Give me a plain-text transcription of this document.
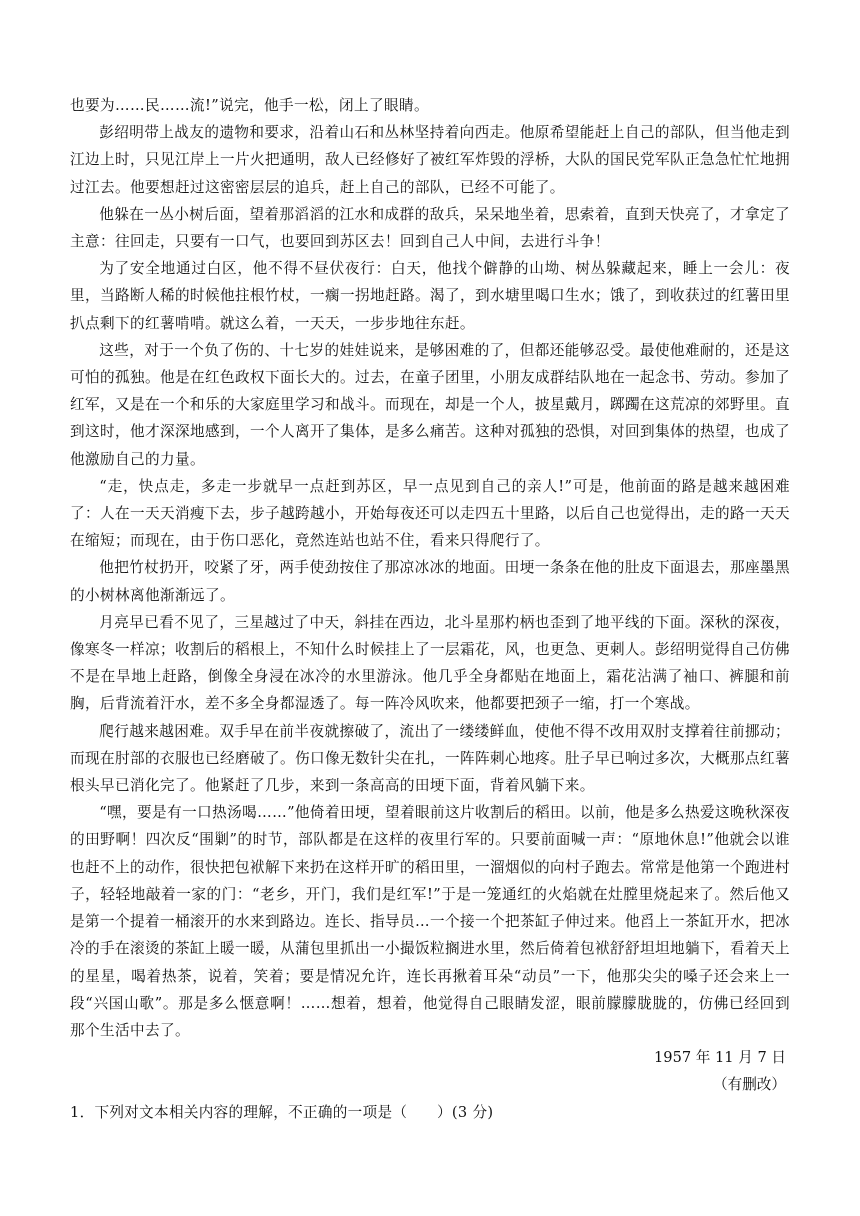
也要为……民……流!”说完，他手一松，闭上了眼睛。

彭绍明带上战友的遗物和要求，沿着山石和丛林坚持着向西走。他原希望能赶上自己的部队，但当他走到江边上时，只见江岸上一片火把通明，敌人已经修好了被红军炸毁的浮桥，大队的国民党军队正急急忙忙地拥过江去。他要想赶过这密密层层的追兵，赶上自己的部队，已经不可能了。

他躲在一丛小树后面，望着那滔滔的江水和成群的敌兵，呆呆地坐着，思索着，直到天快亮了，才拿定了主意：往回走，只要有一口气，也要回到苏区去！回到自己人中间，去进行斗争！

为了安全地通过白区，他不得不昼伏夜行：白天，他找个僻静的山坳、树丛躲藏起来，睡上一会儿：夜里，当路断人稀的时候他拄根竹杖，一瘸一拐地赶路。渴了，到水塘里喝口生水；饿了，到收获过的红薯田里扒点剩下的红薯啃啃。就这么着，一天天，一步步地往东赶。

这些，对于一个负了伤的、十七岁的娃娃说来，是够困难的了，但都还能够忍受。最使他难耐的，还是这可怕的孤独。他是在红色政权下面长大的。过去，在童子团里，小朋友成群结队地在一起念书、劳动。参加了红军，又是在一个和乐的大家庭里学习和战斗。而现在，却是一个人，披星戴月，踯躅在这荒凉的郊野里。直到这时，他才深深地感到，一个人离开了集体，是多么痛苦。这种对孤独的恐惧，对回到集体的热望，也成了他激励自己的力量。

“走，快点走，多走一步就早一点赶到苏区，早一点见到自己的亲人!”可是，他前面的路是越来越困难了：人在一天天消瘦下去，步子越跨越小，开始每夜还可以走四五十里路，以后自己也觉得出，走的路一天天在缩短；而现在，由于伤口恶化，竟然连站也站不住，看来只得爬行了。

他把竹杖扔开，咬紧了牙，两手使劲按住了那凉冰冰的地面。田埂一条条在他的肚皮下面退去，那座墨黑的小树林离他渐渐远了。

月亮早已看不见了，三星越过了中天，斜挂在西边，北斗星那杓柄也歪到了地平线的下面。深秋的深夜，像寒冬一样凉；收割后的稻根上，不知什么时候挂上了一层霜花，风，也更急、更刺人。彭绍明觉得自己仿佛不是在旱地上赶路，倒像全身浸在冰冷的水里游泳。他几乎全身都贴在地面上，霜花沾满了袖口、裤腿和前胸，后背流着汗水，差不多全身都湿透了。每一阵冷风吹来，他都要把颈子一缩，打一个寒战。

爬行越来越困难。双手早在前半夜就擦破了，流出了一缕缕鲜血，使他不得不改用双肘支撑着往前挪动；而现在肘部的衣服也已经磨破了。伤口像无数针尖在扎，一阵阵刺心地疼。肚子早已响过多次，大概那点红薯根头早已消化完了。他紧赶了几步，来到一条高高的田埂下面，背着风躺下来。

“嘿，要是有一口热汤喝……”他倚着田埂，望着眼前这片收割后的稻田。以前，他是多么热爱这晚秋深夜的田野啊！四次反“围剿”的时节，部队都是在这样的夜里行军的。只要前面喊一声：“原地休息!”他就会以谁也赶不上的动作，很快把包袱解下来扔在这样开旷的稻田里，一溜烟似的向村子跑去。常常是他第一个跑进村子，轻轻地敲着一家的门：“老乡，开门，我们是红军!”于是一笼通红的火焰就在灶膛里烧起来了。然后他又是第一个提着一桶滚开的水来到路边。连长、指导员…一个接一个把茶缸子伸过来。他舀上一茶缸开水，把冰冷的手在滚烫的茶缸上暖一暖，从蒲包里抓出一小撮饭粒搁进水里，然后倚着包袱舒舒坦坦地躺下，看着天上的星星，喝着热茶，说着，笑着；要是情况允许，连长再揪着耳朵“动员”一下，他那尖尖的嗓子还会来上一段“兴国山歌”。那是多么惬意啊！……想着，想着，他觉得自己眼睛发涩，眼前朦朦胧胧的，仿佛已经回到那个生活中去了。

1957 年 11 月 7 日

（有删改）

1．下列对文本相关内容的理解，不正确的一项是（　　）(3 分)
